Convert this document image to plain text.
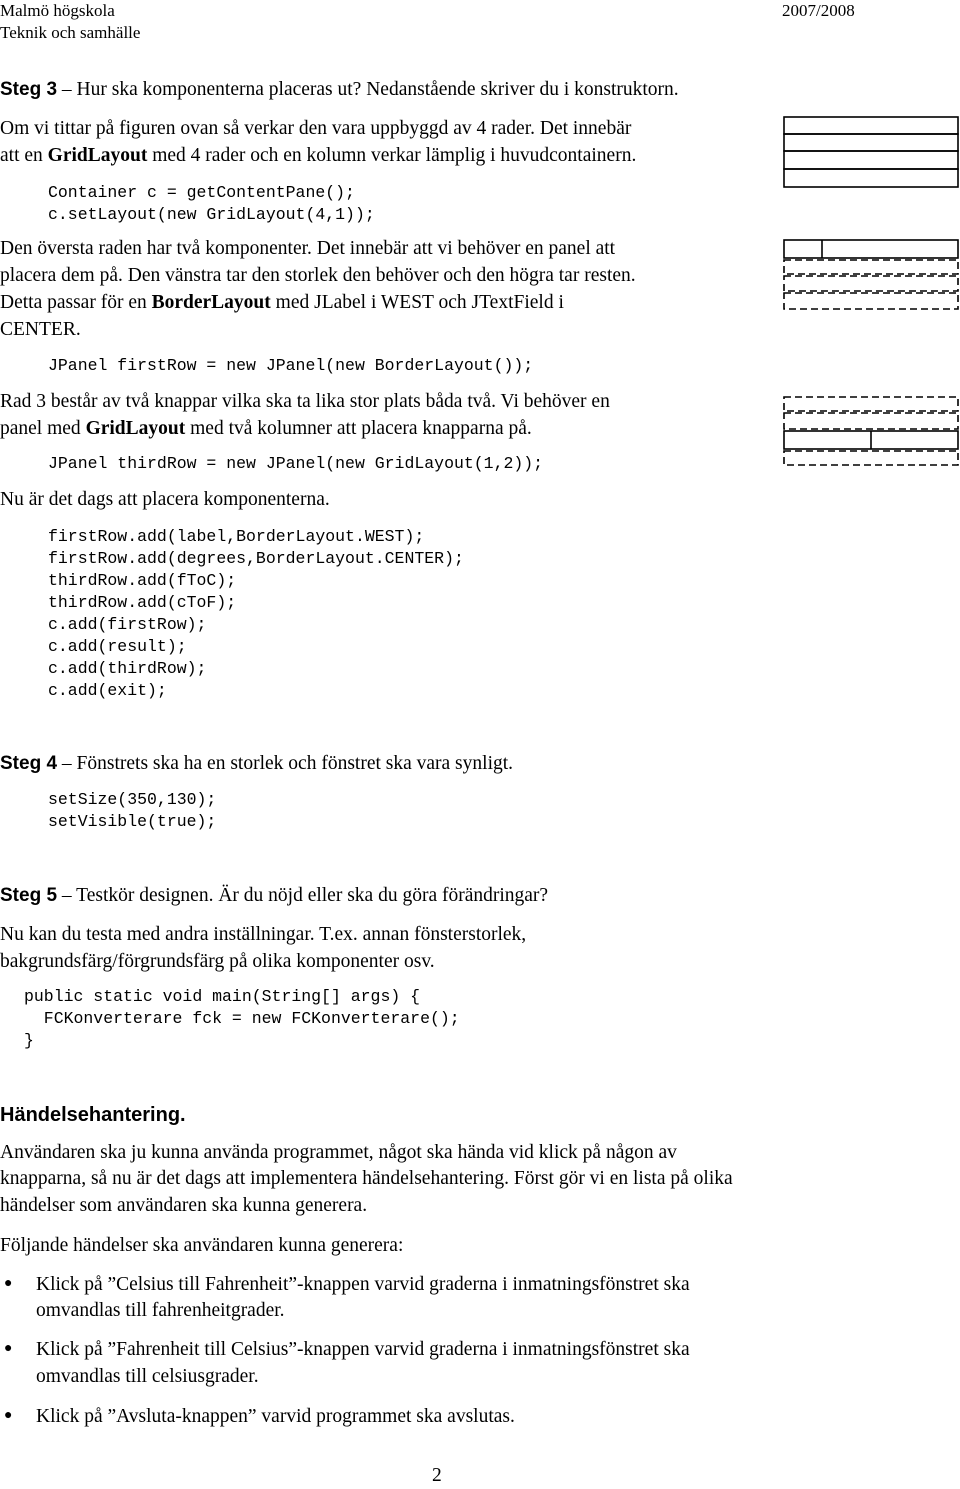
Malmö högskola
Teknik och samhälle
2007/2008
Steg 3 – Hur ska komponenterna placeras ut? Nedanstående skriver du i konstruktorn.
Om vi tittar på figuren ovan så verkar den vara uppbyggd av 4 rader. Det innebär
att en GridLayout med 4 rader och en kolumn verkar lämplig i huvudcontainern.
Container c = getContentPane();
c.setLayout(new GridLayout(4,1));
Den översta raden har två komponenter. Det innebär att vi behöver en panel att
placera dem på. Den vänstra tar den storlek den behöver och den högra tar resten.
Detta passar för en BorderLayout med JLabel i WEST och JTextField i
CENTER.
JPanel firstRow = new JPanel(new BorderLayout());
Rad 3 består av två knappar vilka ska ta lika stor plats båda två. Vi behöver en
panel med GridLayout med två kolumner att placera knapparna på.
JPanel thirdRow = new JPanel(new GridLayout(1,2));
Nu är det dags att placera komponenterna.
firstRow.add(label,BorderLayout.WEST);
firstRow.add(degrees,BorderLayout.CENTER);
thirdRow.add(fToC);
thirdRow.add(cToF);
c.add(firstRow);
c.add(result);
c.add(thirdRow);
c.add(exit);
Steg 4 – Fönstrets ska ha en storlek och fönstret ska vara synligt.
setSize(350,130);
setVisible(true);
Steg 5 – Testkör designen. Är du nöjd eller ska du göra förändringar?
Nu kan du testa med andra inställningar. T.ex. annan fönsterstorlek,
bakgrundsfärg/förgrundsfärg på olika komponenter osv.
public static void main(String[] args) {
FCKonverterare fck = new FCKonverterare();
}
Händelsehantering.
Användaren ska ju kunna använda programmet, något ska hända vid klick på någon av
knapparna, så nu är det dags att implementera händelsehantering. Först gör vi en lista på olika
händelser som användaren ska kunna generera.
Följande händelser ska användaren kunna generera:
● Klick på ”Celsius till Fahrenheit”-knappen varvid graderna i inmatningsfönstret ska
omvandlas till fahrenheitgrader.
● Klick på ”Fahrenheit till Celsius”-knappen varvid graderna i inmatningsfönstret ska
omvandlas till celsiusgrader.
● Klick på ”Avsluta-knappen” varvid programmet ska avslutas.
2
